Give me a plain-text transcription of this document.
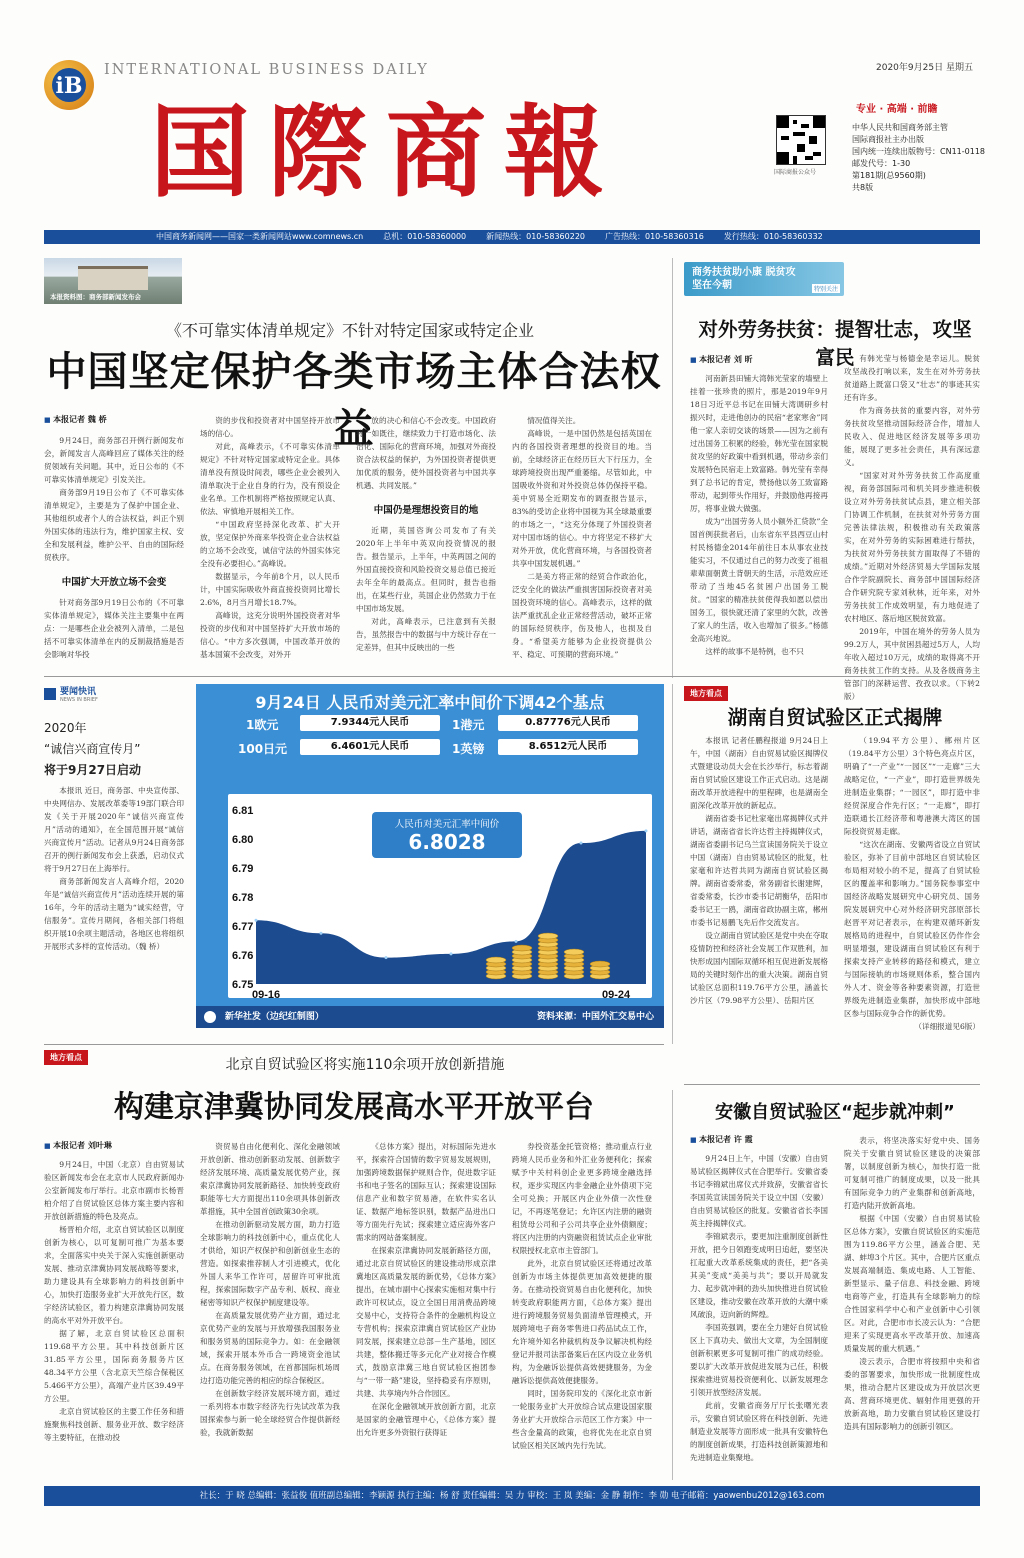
iB
INTERNATIONAL BUSINESS DAILY	2020年9月25日 星期五
国際商報	专业 · 高端 · 前瞻
国际商报公众号
中华人民共和国商务部主管
国际商报社主办出版
国内统一连续出版物号：CN11-0118
邮发代号：1-30
第181期(总9560期)
共8版
中国商务新闻网——国家一类新闻网站www.comnews.cn	总机：010-58360000	新闻热线：010-58360220	广告热线：010-58360316	发行热线：010-58360332
本报资料图：商务部新闻发布会
《不可靠实体清单规定》不针对特定国家或特定企业
中国坚定保护各类市场主体合法权益
■ 本报记者 魏 桥

9月24日，商务部召开例行新闻发布会，新闻发言人高峰回应了媒体关注的经贸领域有关问题。其中，近日公布的《不可靠实体清单规定》引发关注。

商务部9月19日公布了《不可靠实体清单规定》，主要是为了保护中国企业、其他组织或者个人的合法权益，纠正个别外国实体的违法行为，维护国家主权、安全和发展利益，维护公平、自由的国际经贸秩序。

中国扩大开放立场不会变

针对商务部9月19日公布的《不可靠实体清单规定》，媒体关注主要集中在两点：一是哪些企业会被列入清单，二是包括不可靠实体清单在内的反制裁措施是否会影响对华投

资的步伐和投资者对中国坚持开放市场的信心。

对此，高峰表示，《不可靠实体清单规定》不针对特定国家或特定企业。具体清单没有预设时间表，哪些企业会被列入清单取决于企业自身的行为，没有预设企业名单。工作机制将严格按照规定认真、依法、审慎地开展相关工作。

“中国政府坚持深化改革、扩大开放，坚定保护外商来华投资企业合法权益的立场不会改变，诚信守法的外国实体完全没有必要担心。”高峰说。

数据显示，今年前8个月，以人民币计，中国实际吸收外商直接投资同比增长2.6%，8月当月增长18.7%。

高峰说，这充分说明外国投资者对华投资的步伐和对中国坚持扩大开放市场的信心。“中方多次强调，中国改革开放的基本国策不会改变，对外开

放的决心和信心不会改变。中国政府将一如既往，继续致力于打造市场化、法治化、国际化的营商环境，加强对外商投资合法权益的保护，为外国投资者提供更加优质的服务，使外国投资者与中国共享机遇、共同发展。”

中国仍是理想投资目的地

近期，英国咨询公司发布了有关2020年上半年中英双向投资情况的报告。报告显示，上半年，中英两国之间的外国直接投资和风险投资交易总值已接近去年全年的最高点。但同时，报告也指出，在某些行业，英国企业仍然致力于在中国市场发展。

对此，高峰表示，已注意到有关报告，虽然报告中的数据与中方统计存在一定差异，但其中反映出的一些

情况值得关注。

高峰说，一是中国仍然是包括英国在内的各国投资者理想的投资目的地。当前，全球经济正在经历巨大下行压力，全球跨境投资出现严重萎缩。尽管如此，中国吸收外资和对外投资总体仍保持平稳。美中贸易全近期发布的调查报告显示，83%的受访企业将中国视为其全球最重要的市场之一，“这充分体现了外国投资者对中国市场的信心。中方将坚定不移扩大对外开放，优化营商环境，与各国投资者共享中国发展机遇。”

二是美方将正常的经贸合作政治化，泛安全化的做法严重损害国际投资者对美国投资环境的信心。高峰表示，这样的做法严重扰乱企业正常经营活动，破坏正常的国际经贸秩序，伤及他人，也损及自身。“希望美方能够为企业投资提供公平、稳定、可预期的营商环境。”

商务扶贫助小康 脱贫攻坚在今朝	特别关注
对外劳务扶贫：提智壮志，攻坚富民
■ 本报记者 刘 昕

河南新县田铺大湾韩光莹家的墙壁上挂着一张珍贵的照片，那是2019年9月18日习近平总书记在田铺大湾调研乡村振兴时，走进他创办的民宿“老家寒舍”同他一家人亲切交谈的场景——因为之前有过出国务工积累的经验，韩光莹在国家脱贫攻坚的好政策中看到机遇，带动乡亲们发展特色民宿走上致富路。韩光莹有幸得到了总书记的肯定，赞扬他以务工致富路带动，起到带头作用好，并鼓励他再接再厉，将事业做大做强。

成为“出国劳务人员小额外汇贷款”全国首例获批者后，山东省东平县西豆山村村民杨德金2014年前往日本从事农业技能实习，不仅通过自己的努力改变了祖祖辈辈面朝黄土背朝天的生活，示范效应还带动了当地45名贫困户出国务工脱贫。“国家的精准扶贫使得我如愿以偿出国务工，很快就还清了家里的欠款，改善了家人的生活，收入也增加了很多。”杨德金高兴地说。

这样的故事不是特例，也不只

有韩光莹与杨德金是幸运儿。脱贫攻坚战役打响以来，发生在对外劳务扶贫道路上既富口袋又“壮志”的事迹其实还有许多。

作为商务扶贫的重要内容，对外劳务扶贫攻坚推动国际经济合作，增加人民收入、促进地区经济发展等多项功能，展现了更多社会责任，具有深远意义。

“国家对对外劳务扶贫工作高度重视，商务部国际司和机关同步推进积极设立对外劳务扶贫试点县，建立相关部门协调工作机制，在扶贫对外劳务方面完善法律法规，积极推动有关政策落实，在对外劳务的实际困难进行帮扶，为扶贫对外劳务扶贫方面取得了不错的成绩。”近期对外经济贸易大学国际发展合作学院副院长、商务部中国国际经济合作研究院专家刘秋林，近年来，对外劳务扶贫工作成效明显，有力地促进了农村地区、落后地区脱贫致富。

2019年，中国在境外的劳务人员为99.2万人，其中贫困县超过5万人，人均年收入超过10万元，成绩的取得离不开商务扶贫工作的支持。从及各级商务主管部门的深耕运营、孜孜以求。（下转2版）

要闻快讯
NEWS IN BRIEF
2020年
“诚信兴商宣传月”
将于9月27日启动

本报讯 近日，商务部、中央宣传部、中央网信办、发展改革委等19部门联合印发《关于开展2020年“诚信兴商宣传月”活动的通知》，在全国范围开展“诚信兴商宣传月”活动。记者从9月24日商务部召开的例行新闻发布会上获悉，启动仪式将于9月27日在上海举行。

商务部新闻发言人高峰介绍，2020年是“诚信兴商宣传月”活动连续开展的第16年，今年的活动主题为“诚实经营，守信服务”。宣传月期间，各相关部门将组织开展10余项主题活动，各地区也将组织开展形式多样的宣传活动。（魏 桥）

9月24日 人民币对美元汇率中间价下调42个基点
1欧元	7.9344元人民币	1港元	0.87776元人民币
100日元	6.4601元人民币	1英镑	8.6512元人民币
6.81
6.80
6.79
6.78
6.77
6.76
6.75
09-16	09-24
人民币对美元汇率中间价
6.8028
新华社发（边纪红制图）	资料来源：中国外汇交易中心
地方看点
湖南自贸试验区正式揭牌

本报讯 记者任鹏程报道 9月24日上午，中国（湖南）自由贸易试验区揭牌仪式暨建设动员大会在长沙举行，标志着湖南自贸试验区建设工作正式启动。这是湖南改革开放进程中的里程碑，也是湖南全面深化改革开放的新起点。

湖南省委书记杜家毫出席揭牌仪式并讲话，湖南省省长许达哲主持揭牌仪式，湖南省委副书记乌兰宣读国务院关于设立中国（湖南）自由贸易试验区的批复，杜家毫和许达哲共同为湖南自贸试验区揭牌。湖南省委常委，常务副省长谢建辉，省委常委，长沙市委书记胡衡华，岳阳市委书记王一鸥，湖南省政协副主席，郴州市委书记易鹏飞先后作交流发言。

设立湖南自贸试验区是党中央在夺取疫情防控和经济社会发展工作双胜利，加快形成国内国际双循环相互促进新发展格局的关键时刻作出的重大决策。湖南自贸试验区总面积119.76平方公里，涵盖长沙片区（79.98平方公里）、岳阳片区

（19.94平方公里）、郴州片区（19.84平方公里）3个特色亮点片区，明确了“一产业”“一园区”“一走廊”三大战略定位，“一产业”，即打造世界级先进制造业集群；“一园区”，即打造中非经贸深度合作先行区；“一走廊”，即打造联通长江经济带和粤港澳大湾区的国际投资贸易走廊。

“这次在湖南、安徽两省设立自贸试验区，弥补了目前中部地区自贸试验区布局相对较小的不足，提高了自贸试验区的覆盖率和影响力。”国务院参事室中国经济战略发展研究中心研究员、国务院发展研究中心对外经济研究部原部长赵晋平对记者表示，在构建双循环新发展格局的进程中，自贸试验区仍作作会明显增强，建设湖南自贸试验区有利于探索支持产业转移的路径和模式，建立与国际接轨的市场规则体系，整合国内外人才、资金等各种要素资源，打造世界级先进制造业集群，加快形成中部地区参与国际竞争合作的新优势。

（详细报道见6版）

地方看点	北京自贸试验区将实施110余项开放创新措施
构建京津冀协同发展高水平开放平台
■ 本报记者 刘叶琳

9月24日，中国（北京）自由贸易试验区新闻发布会在北京市人民政府新闻办公室新闻发布厅举行。北京市副市长杨晋柏介绍了自贸试验区总体方案主要内容和开放创新措施的特色及亮点。

杨晋柏介绍，北京自贸试验区以制度创新为核心，以可复制可推广为基本要求，全面落实中央关于深入实施创新驱动发展、推动京津冀协同发展战略等要求，助力建设具有全球影响力的科技创新中心，加快打造服务业扩大开放先行区，数字经济试验区，着力构建京津冀协同发展的高水平对外开放平台。

据了解，北京自贸试验区总面积119.68平方公里。其中科技创新片区31.85平方公里，国际商务服务片区48.34平方公里（含北京天竺综合保税区5.466平方公里），高端产业片区39.49平方公里。

北京自贸试验区的主要工作任务和措施聚焦科技创新、服务业开放、数字经济等主要特征，在推动投

资贸易自由化便利化、深化金融领域开放创新、推动创新驱动发展、创新数字经济发展环境、高质量发展优势产业，探索京津冀协同发展新路径、加快转变政府职能等七大方面提出110余项具体创新改革措施，其中全国首创政策30余项。

在推动创新驱动发展方面，助力打造全球影响力的科技创新中心，重点优化人才供给，知识产权保护和创新创业生态的营造。如探索推荐制人才引进模式，优化外国人来华工作许可，居留许可审批流程，探索国际数字产品专利、版权、商业秘密等知识产权保护制度建设等。

在高质量发展优势产业方面，通过北京优势产业的发展与开放增强我国服务业和服务贸易的国际竞争力。如：在金融领域，探索开展本外币合一跨境资金池试点。在商务服务领域，在首都国际机场周边打造功能完善的相应的综合保税区。

在创新数字经济发展环境方面，通过一系列将本市数字经济先行先试改革为我国探索参与新一轮全球经贸合作提供新经验，我就新数据

《总体方案》提出，对标国际先进水平，探索符合国情的数字贸易发展规则，加强跨境数据保护规则合作，促进数字证书和电子签名的国际互认；探索建设国际信息产业和数字贸易港，在软件实名认证、数据产地标签识别，数据产品进出口等方面先行先试；探索建立适应海外客户需求的网站备案制度。

在探索京津冀协同发展新路径方面，通过北京自贸试验区的建设推动形成京津冀地区高质量发展的新优势，《总体方案》提出，在城市副中心探索实施相对集中行政许可权试点，设立全国日用消费品跨境交易中心，支持符合条件的金融机构设立专营机构；探索京津冀自贸试验区产业协同发展，探索建立总部－生产基地，园区共建，整体搬迁等多元化产业对接合作模式，鼓励京津冀三地自贸试验区抱团参与“一带一路”建设，坚持稳妥有序原则，共建、共享境内外合作园区。

在深化金融领域开放创新方面，北京是国家的金融管理中心，《总体方案》提出允许更多外资银行获得证

券投资基金托管资格；推动重点行业跨境人民币业务和外汇业务便利化；探索赋予中关村科创企业更多跨境金融选择权，逐步实现区内非金融企业外债项下完全可兑换；开展区内企业外债一次性登记，不再逐笔登记；允许区内注册的融资租赁母公司和子公司共享企业外债额度；将区内注册的内资融资租赁试点企业审批权限授权北京市主管部门。

此外，北京自贸试验区还将通过改革创新为市场主体提供更加高效便捷的服务。在推动投资贸易自由化便利化，加快转变政府职能两方面，《总体方案》提出进行跨境服务贸易负面清单管理模式，开展跨境电子商务零售进口药品试点工作，允许境外知名仲裁机构及争议解决机构经登记并报司法部备案后在区内设立业务机构，为金融诉讼提供高效便捷服务，为金融诉讼提供高效便捷服务。

同时，国务院印发的《深化北京市新一轮服务业扩大开放综合试点建设国家服务业扩大开放综合示范区工作方案》中一些含金量高的政策，也将优先在北京自贸试验区相关区域内先行先试。

安徽自贸试验区“起步就冲刺”
■ 本报记者 许 霞

9月24日上午，中国（安徽）自由贸易试验区揭牌仪式在合肥举行。安徽省委书记李锦斌出席仪式并致辞，安徽省省长李国英宣读国务院关于设立中国（安徽）自由贸易试验区的批复。安徽省省长李国英主持揭牌仪式。

李锦斌表示，要更加注重制度创新性开放，把今日领跑变成明日追赶，要坚决扛起重大改革系统集成的责任，把“各美其美”变成“美美与共”；要以开局就发力、起步就冲刺的劲头加快推进自贸试验区建设，推动安徽在改革开放的大潮中乘风破浪，迈向新的辉煌。

李国英强调，要在全力建好自贸试验区上下真功夫、做出大文章，为全国制度创新积累更多可复制可推广的成功经验。要以扩大改革开放促进发展为己任，积极探索推进贸易投资便利化、以新发展理念引领开放型经济发展。

此前，安徽省商务厅厅长张曙光表示，安徽自贸试验区将在科技创新、先进制造业发展等方面形成一批具有安徽特色的制度创新成果，打造科技创新策源地和先进制造业集聚地。

表示，将坚决落实好党中央、国务院关于安徽自贸试验区建设的决策部署，以制度创新为核心，加快打造一批可复制可推广的制度成果，以及一批具有国际竞争力的产业集群和创新高地，打造内陆开放新高地。

根据《中国（安徽）自由贸易试验区总体方案》，安徽自贸试验区的实施范围为119.86平方公里，涵盖合肥、芜湖、蚌埠3个片区。其中，合肥片区重点发展高端制造、集成电路、人工智能、新型显示、量子信息、科技金融、跨境电商等产业，打造具有全球影响力的综合性国家科学中心和产业创新中心引领区。对此，合肥市市长凌云认为：“合肥迎来了实现更高水平改革开放、加速高质量发展的重大机遇。”

凌云表示，合肥市将按照中央和省委的部署要求，加快形成一批制度性成果，推动合肥片区建设成为开放层次更高、营商环境更优、辐射作用更强的开放新高地，助力安徽自贸试验区建设打造具有国际影响力的创新引领区。

社长：于 晓 总编辑：张益俊 值班副总编辑：李颖源 执行主编：杨 舒 责任编辑：吴 力 审校：王 岚 美编：金 静 制作：李 勋 电子邮箱：yaowenbu2012@163.com
